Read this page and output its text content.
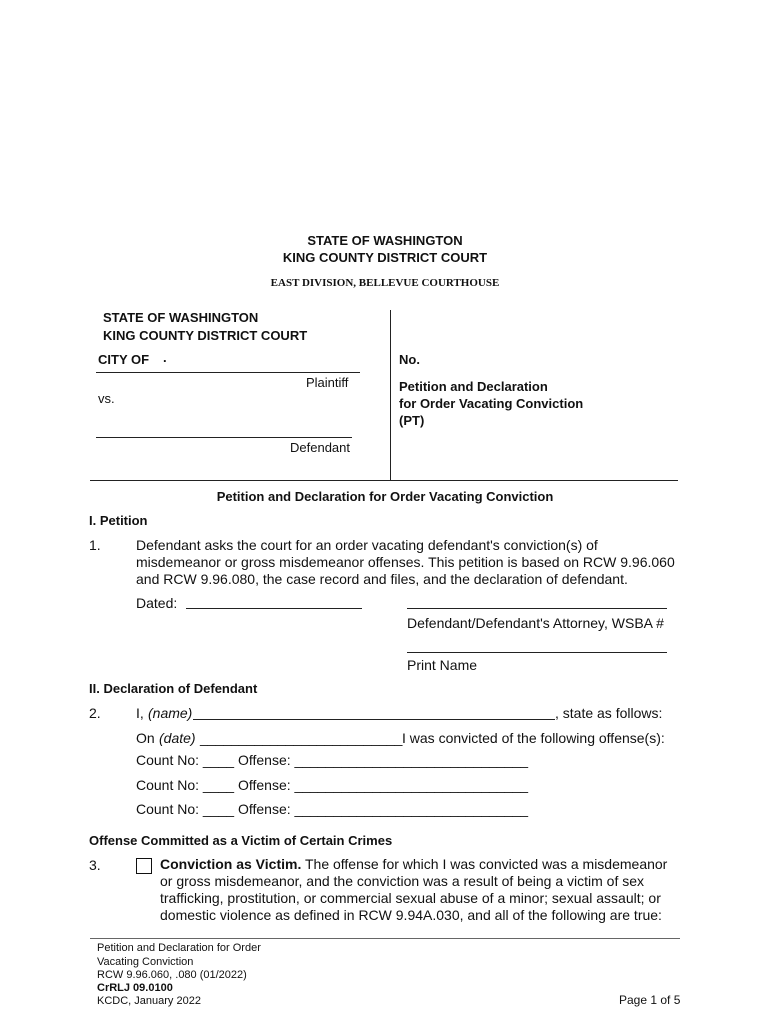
STATE OF WASHINGTON
KING COUNTY DISTRICT COURT
EAST DIVISION, BELLEVUE COURTHOUSE
STATE OF WASHINGTON
KING COUNTY DISTRICT COURT
CITY OF .
Plaintiff
vs.
Defendant
No.
Petition and Declaration
for Order Vacating Conviction
(PT)
Petition and Declaration for Order Vacating Conviction
I. Petition
1.	Defendant asks the court for an order vacating defendant's conviction(s) of misdemeanor or gross misdemeanor offenses. This petition is based on RCW 9.96.060 and RCW 9.96.080, the case record and files, and the declaration of defendant.
Dated:
Defendant/Defendant's Attorney, WSBA #
Print Name
II. Declaration of Defendant
2.	I, (name)	, state as follows:
On (date) __________________________ I was convicted of the following offense(s):
Count No: ____ Offense: ______________________________
Count No: ____ Offense: ______________________________
Count No: ____ Offense: ______________________________
Offense Committed as a Victim of Certain Crimes
3.	Conviction as Victim. The offense for which I was convicted was a misdemeanor or gross misdemeanor, and the conviction was a result of being a victim of sex trafficking, prostitution, or commercial sexual abuse of a minor; sexual assault; or domestic violence as defined in RCW 9.94A.030, and all of the following are true:
Petition and Declaration for Order
Vacating Conviction
RCW 9.96.060, .080 (01/2022)
CrRLJ 09.0100
KCDC, January 2022	Page 1 of 5
